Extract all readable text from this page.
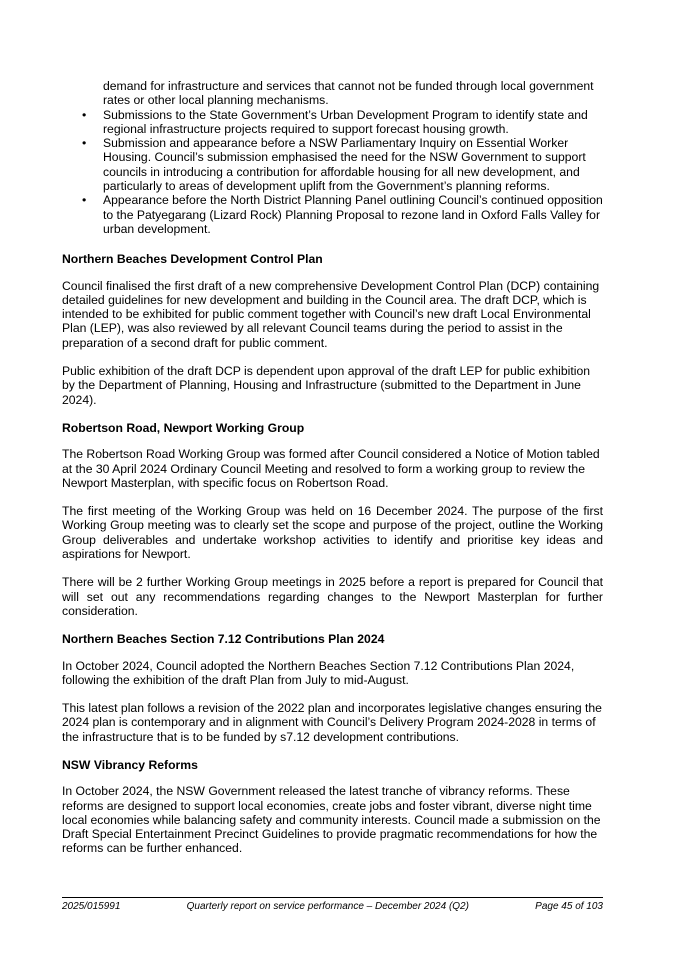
demand for infrastructure and services that cannot not be funded through local government rates or other local planning mechanisms.

• Submissions to the State Government’s Urban Development Program to identify state and regional infrastructure projects required to support forecast housing growth.
• Submission and appearance before a NSW Parliamentary Inquiry on Essential Worker Housing. Council’s submission emphasised the need for the NSW Government to support councils in introducing a contribution for affordable housing for all new development, and particularly to areas of development uplift from the Government’s planning reforms.
• Appearance before the North District Planning Panel outlining Council’s continued opposition to the Patyegarang (Lizard Rock) Planning Proposal to rezone land in Oxford Falls Valley for urban development.
Northern Beaches Development Control Plan

Council finalised the first draft of a new comprehensive Development Control Plan (DCP) containing detailed guidelines for new development and building in the Council area. The draft DCP, which is intended to be exhibited for public comment together with Council’s new draft Local Environmental Plan (LEP), was also reviewed by all relevant Council teams during the period to assist in the preparation of a second draft for public comment.

Public exhibition of the draft DCP is dependent upon approval of the draft LEP for public exhibition by the Department of Planning, Housing and Infrastructure (submitted to the Department in June 2024).

Robertson Road, Newport Working Group

The Robertson Road Working Group was formed after Council considered a Notice of Motion tabled at the 30 April 2024 Ordinary Council Meeting and resolved to form a working group to review the Newport Masterplan, with specific focus on Robertson Road.

The first meeting of the Working Group was held on 16 December 2024. The purpose of the first Working Group meeting was to clearly set the scope and purpose of the project, outline the Working Group deliverables and undertake workshop activities to identify and prioritise key ideas and aspirations for Newport.

There will be 2 further Working Group meetings in 2025 before a report is prepared for Council that will set out any recommendations regarding changes to the Newport Masterplan for further consideration.

Northern Beaches Section 7.12 Contributions Plan 2024

In October 2024, Council adopted the Northern Beaches Section 7.12 Contributions Plan 2024, following the exhibition of the draft Plan from July to mid-August.

This latest plan follows a revision of the 2022 plan and incorporates legislative changes ensuring the 2024 plan is contemporary and in alignment with Council’s Delivery Program 2024-2028 in terms of the infrastructure that is to be funded by s7.12 development contributions.

NSW Vibrancy Reforms

In October 2024, the NSW Government released the latest tranche of vibrancy reforms. These reforms are designed to support local economies, create jobs and foster vibrant, diverse night time local economies while balancing safety and community interests. Council made a submission on the Draft Special Entertainment Precinct Guidelines to provide pragmatic recommendations for how the reforms can be further enhanced.

2025/015991	Quarterly report on service performance – December 2024 (Q2)	Page 45 of 103
